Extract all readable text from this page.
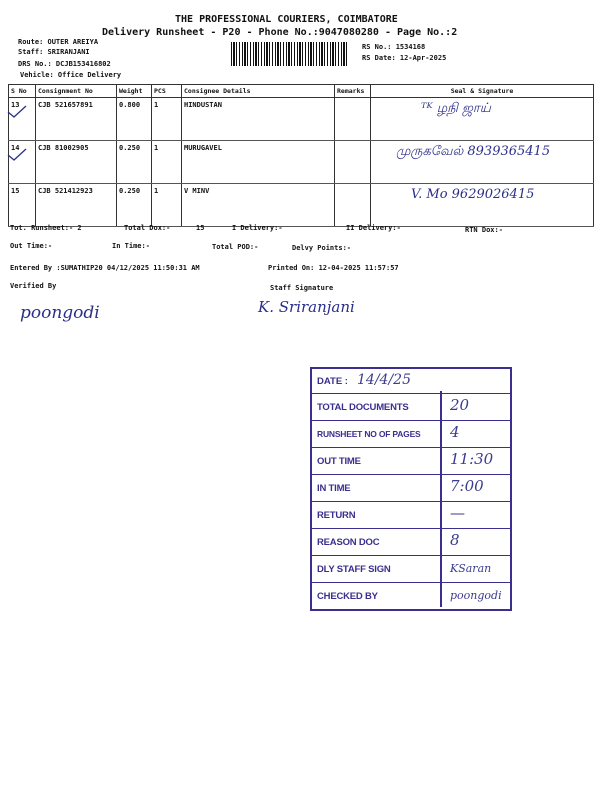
THE PROFESSIONAL COURIERS, COIMBATORE
Delivery Runsheet - P20 - Phone No.:9047080280 - Page No.:2
Route: OUTER AREIYA
Staff: SRIRANJANI
DRS No.: DCJB153416802
Vehicle: Office Delivery
RS No.: 1534168
RS Date: 12-Apr-2025
S No	Consignment No	Weight	PCS	Consignee Details	Remarks	Seal & Signature
13	CJB 521657891	0.800	1	HINDUSTAN		ᵀᴷ ழநி ஜாய்
14	CJB 81002905	0.250	1	MURUGAVEL		முருகவேல் 8939365415
15	CJB 521412923	0.250	1	V MINV		V. Mo 9629026415
Tot. Runsheet:- 2	Total Dox:-	15	I Delivery:-	II Delivery:-	RTN Dox:-
Out Time:-	In Time:-	Total POD:-	Delvy Points:-
Entered By :SUMATHIP20 04/12/2025 11:50:31 AM	Printed On: 12-04-2025 11:57:57
Verified By	Staff Signature
poongodi	K. Sriranjani
DATE : 14/4/25
TOTAL DOCUMENTS	20
RUNSHEET NO OF PAGES 4
OUT TIME	11:30
IN TIME	7:00
RETURN	—
REASON DOC	8
DLY STAFF SIGN	KSaran
CHECKED BY	poongodi
